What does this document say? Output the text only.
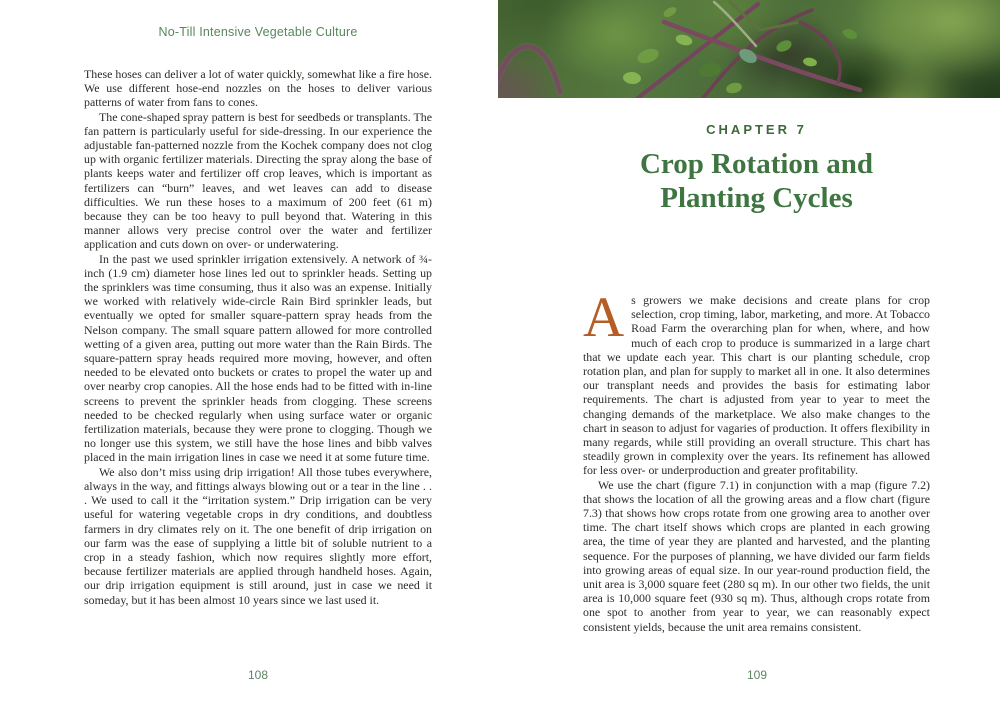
No-Till Intensive Vegetable Culture

These hoses can deliver a lot of water quickly, somewhat like a fire hose. We use different hose-end nozzles on the hoses to deliver various patterns of water from fans to cones.

The cone-shaped spray pattern is best for seedbeds or transplants. The fan pattern is particularly useful for side-dressing. In our experience the adjustable fan-patterned nozzle from the Kochek company does not clog up with organic fertilizer materials. Directing the spray along the base of plants keeps water and fertilizer off crop leaves, which is important as fertilizers can “burn” leaves, and wet leaves can add to disease difficulties. We run these hoses to a maximum of 200 feet (61 m) because they can be too heavy to pull beyond that. Watering in this manner allows very precise control over the water and fertilizer application and cuts down on over- or underwatering.

In the past we used sprinkler irrigation extensively. A network of ¾-inch (1.9 cm) diameter hose lines led out to sprinkler heads. Setting up the sprinklers was time consuming, thus it also was an expense. Initially we worked with relatively wide-circle Rain Bird sprinkler leads, but eventually we opted for smaller square-pattern spray heads from the Nelson company. The small square pattern allowed for more controlled wetting of a given area, putting out more water than the Rain Birds. The square-pattern spray heads required more moving, however, and often needed to be elevated onto buckets or crates to propel the water up and over nearby crop canopies. All the hose ends had to be fitted with in-line screens to prevent the sprinkler heads from clogging. These screens needed to be checked regularly when using surface water or organic fertilization materials, because they were prone to clogging. Though we no longer use this system, we still have the hose lines and bibb valves placed in the main irrigation lines in case we need it at some future time.

We also don’t miss using drip irrigation! All those tubes everywhere, always in the way, and fittings always blowing out or a tear in the line . . . We used to call it the “irritation system.” Drip irrigation can be very useful for watering vegetable crops in dry conditions, and doubtless farmers in dry climates rely on it. The one benefit of drip irrigation on our farm was the ease of supplying a little bit of soluble nutrient to a crop in a steady fashion, which now requires slightly more effort, because fertilizer materials are applied through handheld hoses. Again, our drip irrigation equipment is still around, just in case we need it someday, but it has been almost 10 years since we last used it.

108
CHAPTER 7
Crop Rotation and
Planting Cycles

As growers we make decisions and create plans for crop selection, crop timing, labor, marketing, and more. At Tobacco Road Farm the overarching plan for when, where, and how much of each crop to produce is summarized in a large chart that we update each year. This chart is our planting schedule, crop rotation plan, and plan for supply to market all in one. It also determines our transplant needs and provides the basis for estimating labor requirements. The chart is adjusted from year to year to meet the changing demands of the marketplace. We also make changes to the chart in season to adjust for vagaries of production. It offers flexibility in many regards, while still providing an overall structure. This chart has steadily grown in complexity over the years. Its refinement has allowed for less over- or underproduction and greater profitability.

We use the chart (figure 7.1) in conjunction with a map (figure 7.2) that shows the location of all the growing areas and a flow chart (figure 7.3) that shows how crops rotate from one growing area to another over time. The chart itself shows which crops are planted in each growing area, the time of year they are planted and harvested, and the planting sequence. For the purposes of planning, we have divided our farm fields into growing areas of equal size. In our year-round production field, the unit area is 3,000 square feet (280 sq m). In our other two fields, the unit area is 10,000 square feet (930 sq m). Thus, although crops rotate from one spot to another from year to year, we can reasonably expect consistent yields, because the unit area remains consistent.

109
